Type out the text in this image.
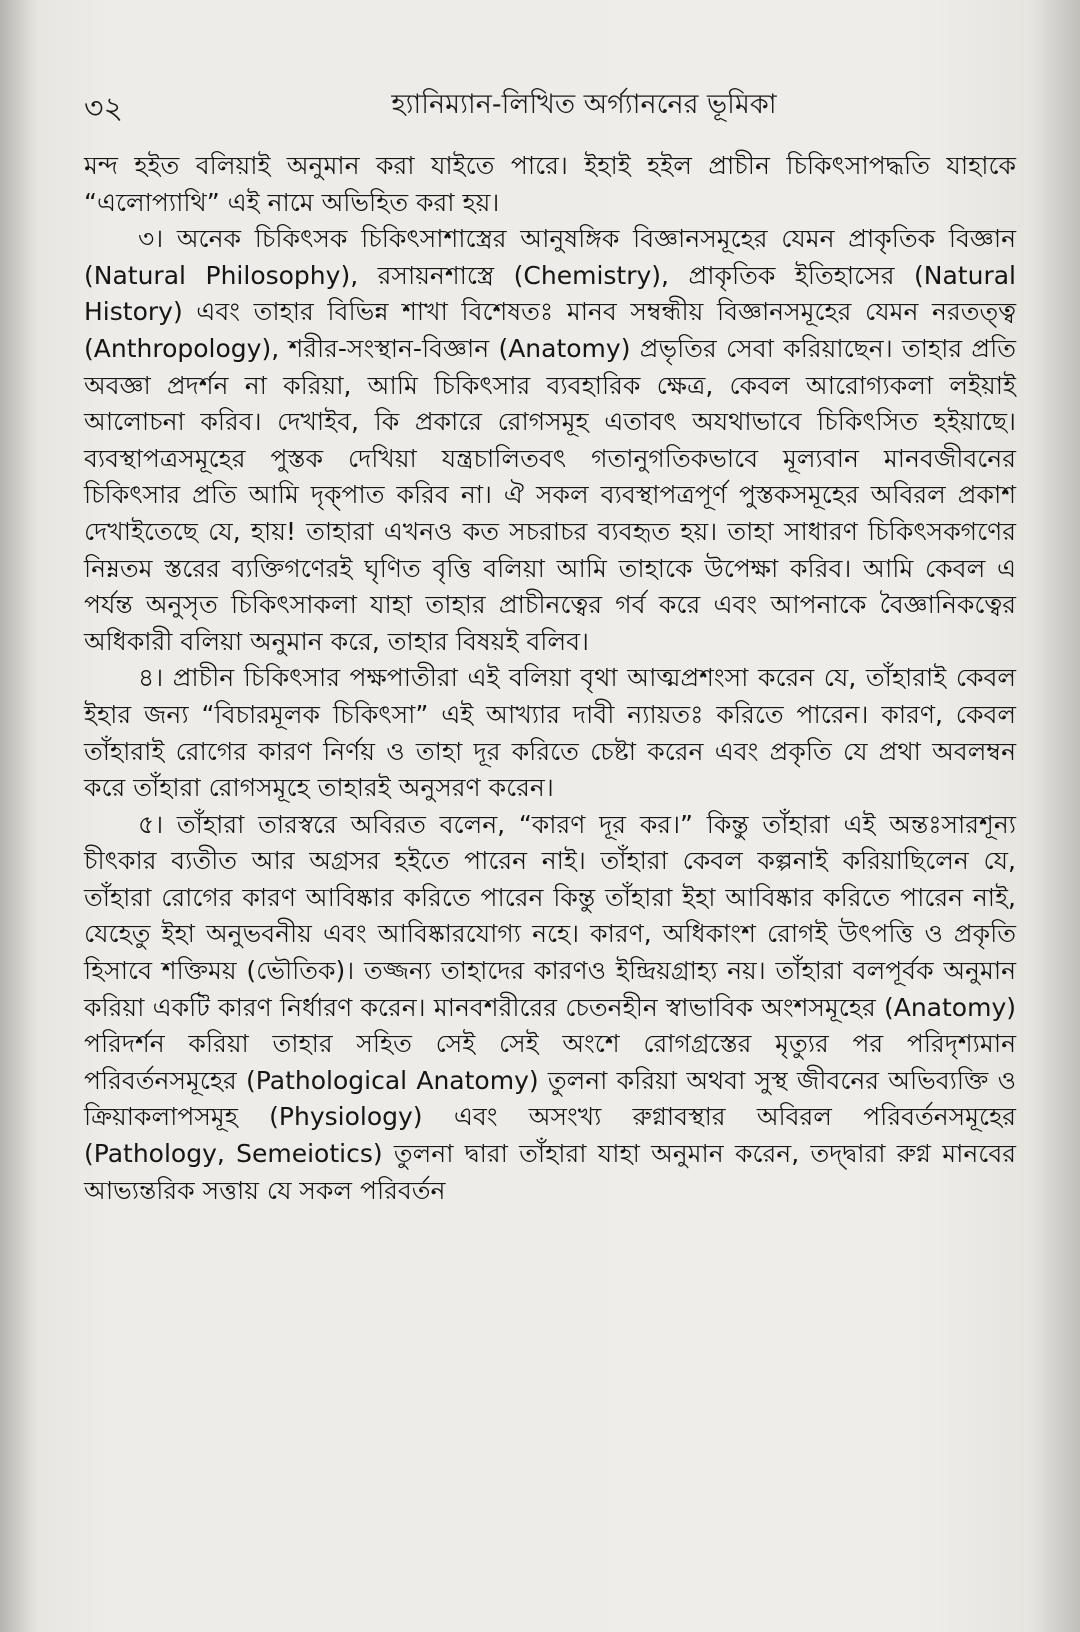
৩২	হ্যানিম্যান-লিখিত অর্গ্যাননের ভূমিকা

মন্দ হইত বলিয়াই অনুমান করা যাইতে পারে। ইহাই হইল প্রাচীন চিকিৎসাপদ্ধতি যাহাকে “এলোপ্যাথি” এই নামে অভিহিত করা হয়।

৩। অনেক চিকিৎসক চিকিৎসাশাস্ত্রের আনুষঙ্গিক বিজ্ঞানসমূহের যেমন প্রাকৃতিক বিজ্ঞান (Natural Philosophy), রসায়নশাস্ত্রে (Chemistry), প্রাকৃতিক ইতিহাসের (Natural History) এবং তাহার বিভিন্ন শাখা বিশেষতঃ মানব সম্বন্ধীয় বিজ্ঞানসমূহের যেমন নরতত্ত্ব (Anthropology), শরীর-সংস্থান-বিজ্ঞান (Anatomy) প্রভৃতির সেবা করিয়াছেন। তাহার প্রতি অবজ্ঞা প্রদর্শন না করিয়া, আমি চিকিৎসার ব্যবহারিক ক্ষেত্র, কেবল আরোগ্যকলা লইয়াই আলোচনা করিব। দেখাইব, কি প্রকারে রোগসমূহ এতাবৎ অযথাভাবে চিকিৎসিত হইয়াছে। ব্যবস্থাপত্রসমূহের পুস্তক দেখিয়া যন্ত্রচালিতবৎ গতানুগতিকভাবে মূল্যবান মানবজীবনের চিকিৎসার প্রতি আমি দৃক্‌পাত করিব না। ঐ সকল ব্যবস্থাপত্রপূর্ণ পুস্তকসমূহের অবিরল প্রকাশ দেখাইতেছে যে, হায়! তাহারা এখনও কত সচরাচর ব্যবহৃত হয়। তাহা সাধারণ চিকিৎসকগণের নিম্নতম স্তরের ব্যক্তিগণেরই ঘৃণিত বৃত্তি বলিয়া আমি তাহাকে উপেক্ষা করিব। আমি কেবল এ পর্যন্ত অনুসৃত চিকিৎসাকলা যাহা তাহার প্রাচীনত্বের গর্ব করে এবং আপনাকে বৈজ্ঞানিকত্বের অধিকারী বলিয়া অনুমান করে, তাহার বিষয়ই বলিব।

৪। প্রাচীন চিকিৎসার পক্ষপাতীরা এই বলিয়া বৃথা আত্মপ্রশংসা করেন যে, তাঁহারাই কেবল ইহার জন্য “বিচারমূলক চিকিৎসা” এই আখ্যার দাবী ন্যায়তঃ করিতে পারেন। কারণ, কেবল তাঁহারাই রোগের কারণ নির্ণয় ও তাহা দূর করিতে চেষ্টা করেন এবং প্রকৃতি যে প্রথা অবলম্বন করে তাঁহারা রোগসমূহে তাহারই অনুসরণ করেন।

৫। তাঁহারা তারস্বরে অবিরত বলেন, “কারণ দূর কর।” কিন্তু তাঁহারা এই অন্তঃসারশূন্য চীৎকার ব্যতীত আর অগ্রসর হইতে পারেন নাই। তাঁহারা কেবল কল্পনাই করিয়াছিলেন যে, তাঁহারা রোগের কারণ আবিষ্কার করিতে পারেন কিন্তু তাঁহারা ইহা আবিষ্কার করিতে পারেন নাই, যেহেতু ইহা অনুভবনীয় এবং আবিষ্কারযোগ্য নহে। কারণ, অধিকাংশ রোগই উৎপত্তি ও প্রকৃতি হিসাবে শক্তিময় (ভৌতিক)। তজ্জন্য তাহাদের কারণও ইন্দ্রিয়গ্রাহ্য নয়। তাঁহারা বলপূর্বক অনুমান করিয়া একটি কারণ নির্ধারণ করেন। মানবশরীরের চেতনহীন স্বাভাবিক অংশসমূহের (Anatomy) পরিদর্শন করিয়া তাহার সহিত সেই সেই অংশে রোগগ্রস্তের মৃত্যুর পর পরিদৃশ্যমান পরিবর্তনসমূহের (Pathological Anatomy) তুলনা করিয়া অথবা সুস্থ জীবনের অভিব্যক্তি ও ক্রিয়াকলাপসমূহ (Physiology) এবং অসংখ্য রুগ্নাবস্থার অবিরল পরিবর্তনসমূহের (Pathology, Semeiotics) তুলনা দ্বারা তাঁহারা যাহা অনুমান করেন, তদ্দ্বারা রুগ্ন মানবের আভ্যন্তরিক সত্তায় যে সকল পরিবর্তন
